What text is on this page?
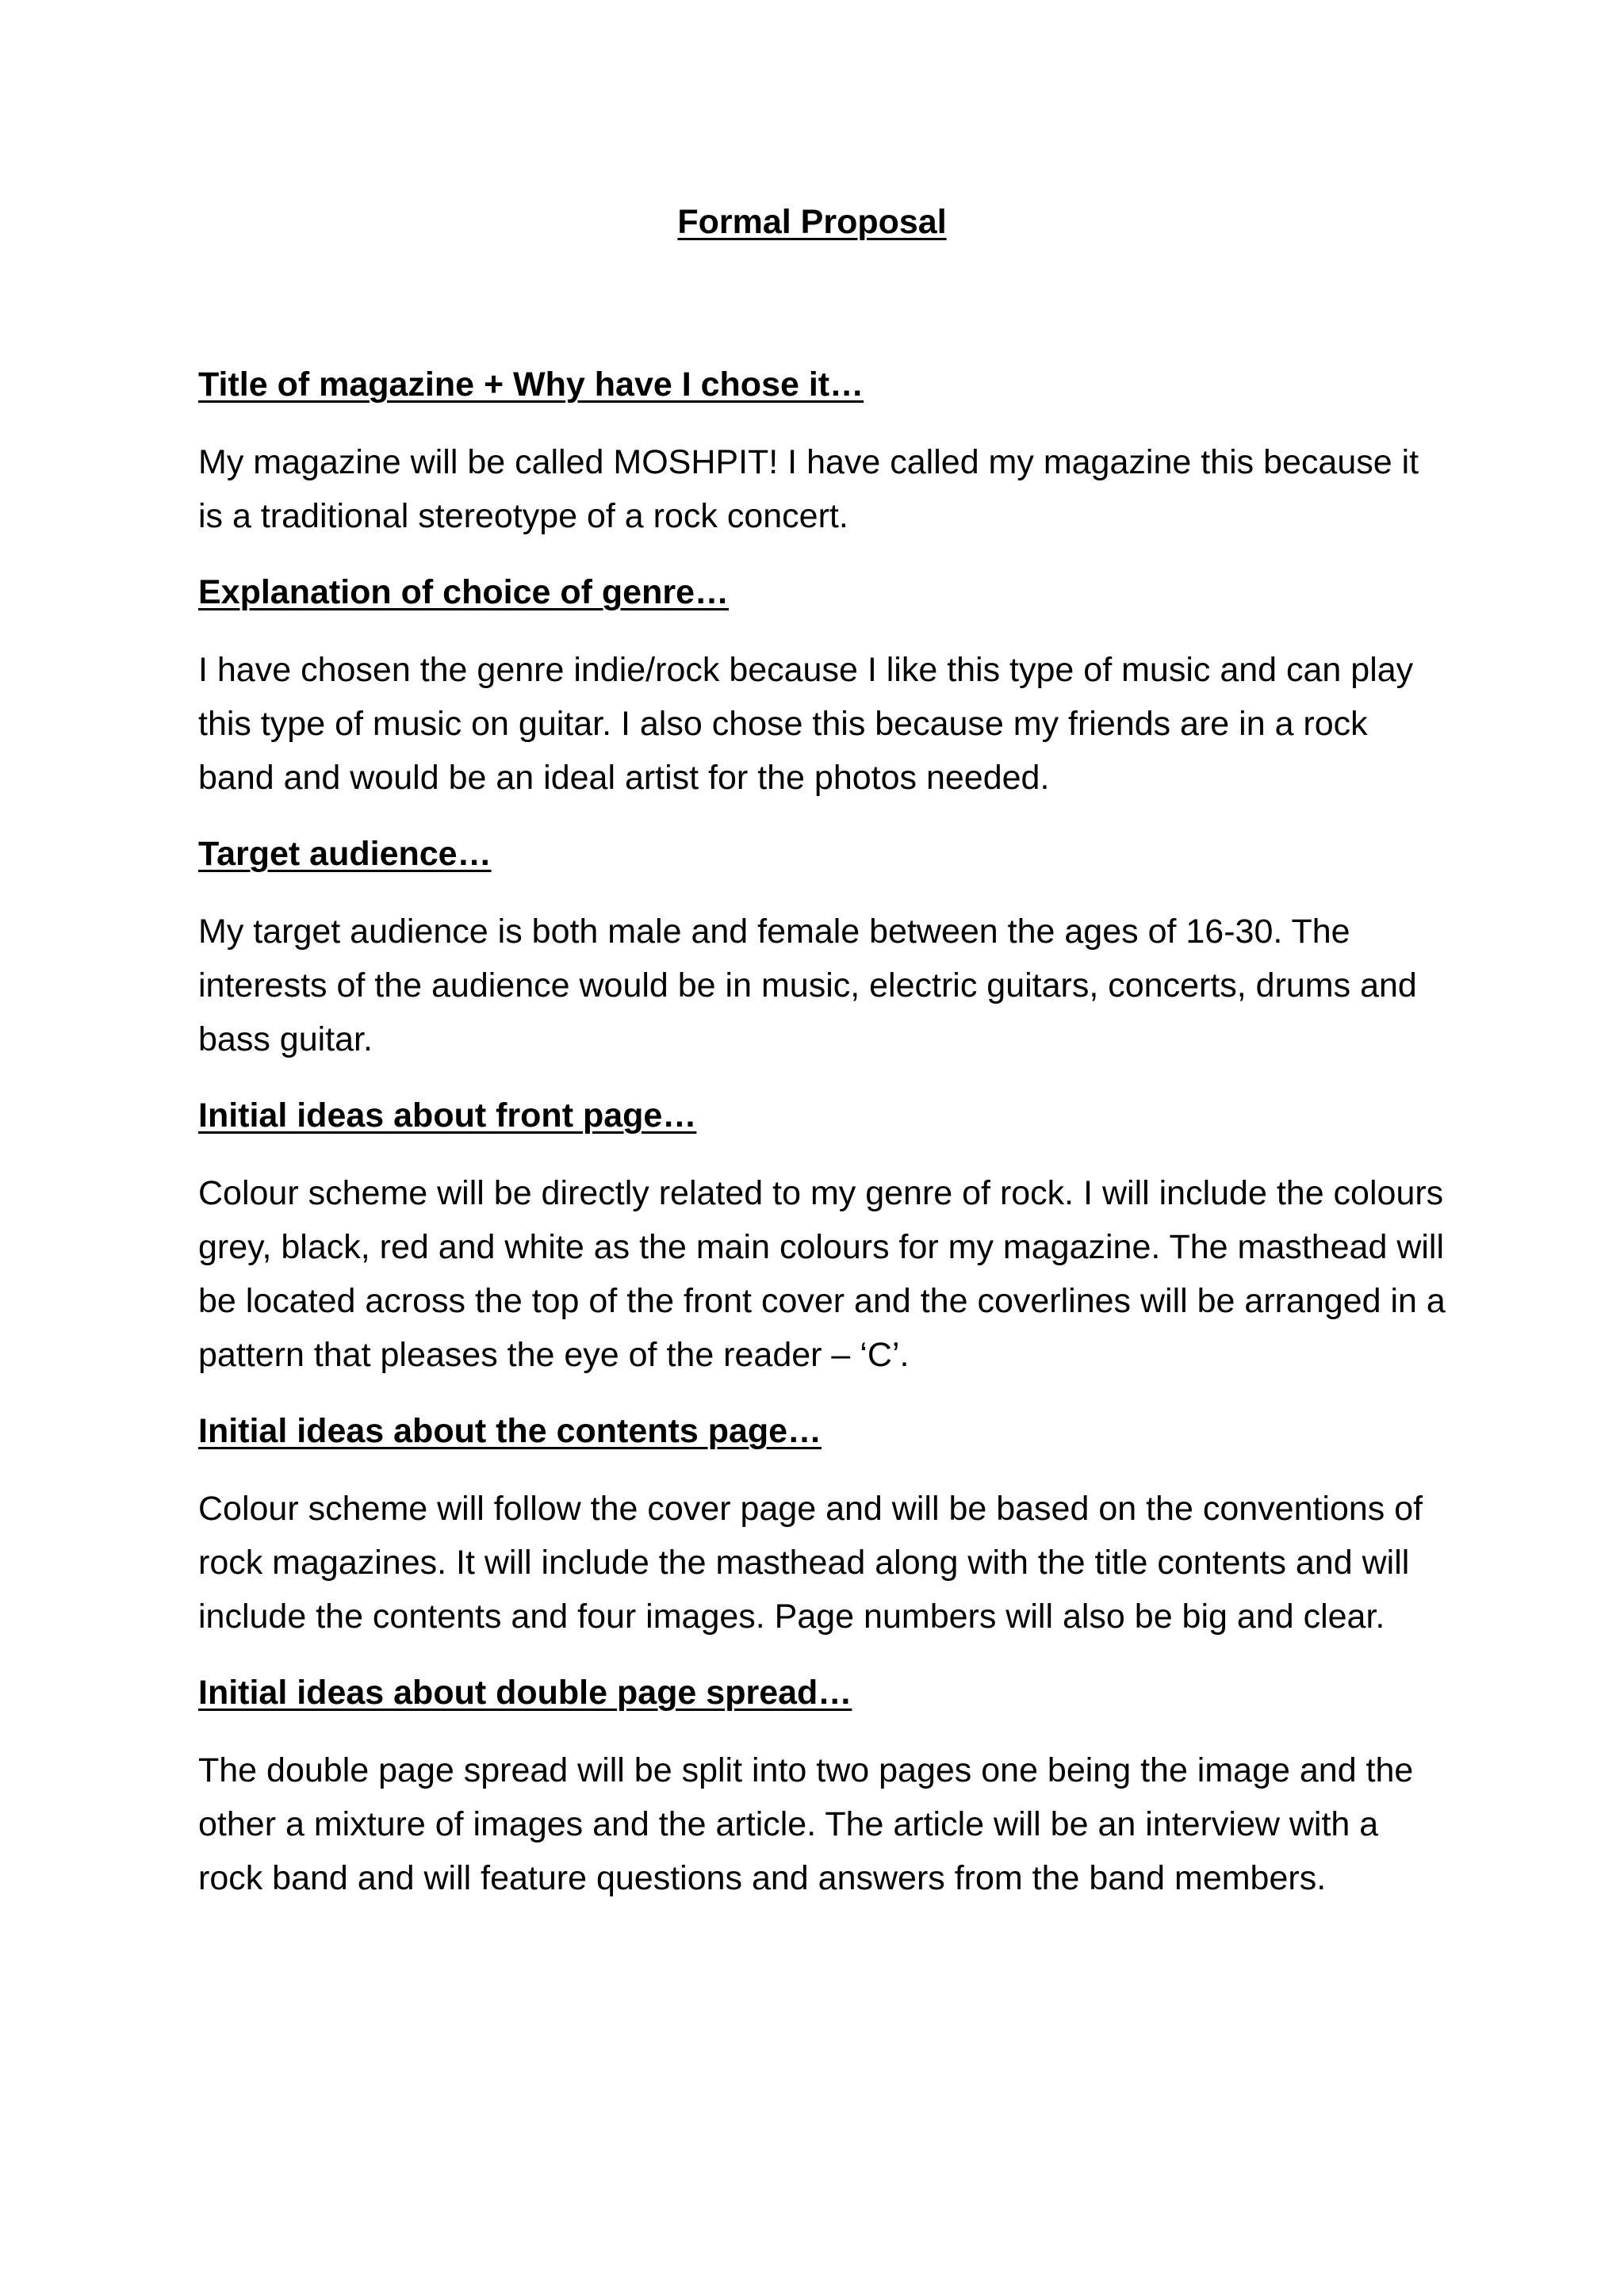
Formal Proposal
Title of magazine + Why have I chose it…

My magazine will be called MOSHPIT! I have called my magazine this because it is a traditional stereotype of a rock concert.

Explanation of choice of genre…

I have chosen the genre indie/rock because I like this type of music and can play this type of music on guitar. I also chose this because my friends are in a rock band and would be an ideal artist for the photos needed.

Target audience…

My target audience is both male and female between the ages of 16-30. The interests of the audience would be in music, electric guitars, concerts, drums and bass guitar.

Initial ideas about front page…

Colour scheme will be directly related to my genre of rock. I will include the colours grey, black, red and white as the main colours for my magazine. The masthead will be located across the top of the front cover and the coverlines will be arranged in a pattern that pleases the eye of the reader – ‘C’.

Initial ideas about the contents page…

Colour scheme will follow the cover page and will be based on the conventions of rock magazines. It will include the masthead along with the title contents and will include the contents and four images. Page numbers will also be big and clear.

Initial ideas about double page spread…

The double page spread will be split into two pages one being the image and the other a mixture of images and the article. The article will be an interview with a rock band and will feature questions and answers from the band members.
